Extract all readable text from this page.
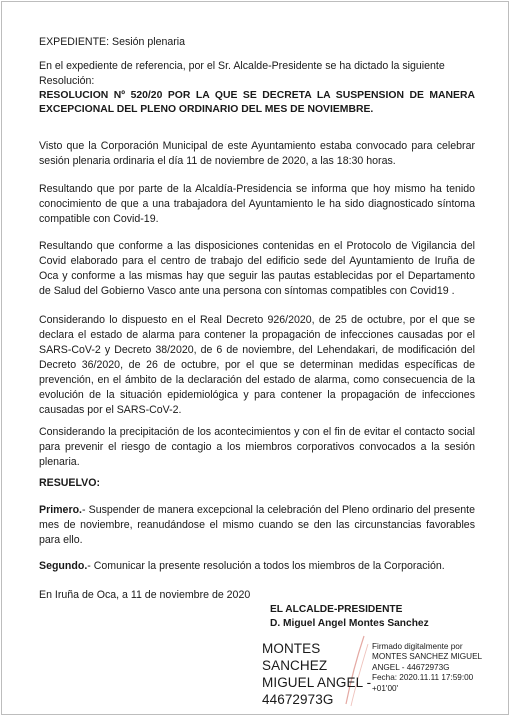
EXPEDIENTE: Sesión plenaria

En el expediente de referencia, por el Sr. Alcalde-Presidente se ha dictado la siguiente Resolución:

RESOLUCION Nº 520/20 POR LA QUE SE DECRETA LA SUSPENSION DE MANERA EXCEPCIONAL DEL PLENO ORDINARIO DEL MES DE NOVIEMBRE.

Visto que la Corporación Municipal de este Ayuntamiento estaba convocado para celebrar sesión plenaria ordinaria el día 11 de noviembre de 2020, a las 18:30 horas.

Resultando que por parte de la Alcaldía-Presidencia se informa que hoy mismo ha tenido conocimiento de que a una trabajadora del Ayuntamiento le ha sido diagnosticado síntoma compatible con Covid-19.

Resultando que conforme a las disposiciones contenidas en el Protocolo de Vigilancia del Covid elaborado para el centro de trabajo del edificio sede del Ayuntamiento de Iruña de Oca y conforme a las mismas hay que seguir las pautas establecidas por el Departamento de Salud del Gobierno Vasco ante una persona con síntomas compatibles con Covid19 .

Considerando lo dispuesto en el Real Decreto 926/2020, de 25 de octubre, por el que se declara el estado de alarma para contener la propagación de infecciones causadas por el SARS-CoV-2 y Decreto 38/2020, de 6 de noviembre, del Lehendakari, de modificación del Decreto 36/2020, de 26 de octubre, por el que se determinan medidas específicas de prevención, en el ámbito de la declaración del estado de alarma, como consecuencia de la evolución de la situación epidemiológica y para contener la propagación de infecciones causadas por el SARS-CoV-2.

Considerando la precipitación de los acontecimientos y con el fin de evitar el contacto social para prevenir el riesgo de contagio a los miembros corporativos convocados a la sesión plenaria.

RESUELVO:

Primero.- Suspender de manera excepcional la celebración del Pleno ordinario del presente mes de noviembre, reanudándose el mismo cuando se den las circunstancias favorables para ello.

Segundo.- Comunicar la presente resolución a todos los miembros de la Corporación.

En Iruña de Oca, a 11 de noviembre de 2020

EL ALCALDE-PRESIDENTE

D. Miguel Angel Montes Sanchez

MONTES SANCHEZ
MIGUEL ANGEL -
44672973G
Firmado digitalmente por
MONTES SANCHEZ MIGUEL
ANGEL - 44672973G
Fecha: 2020.11.11 17:59:00
+01'00'
